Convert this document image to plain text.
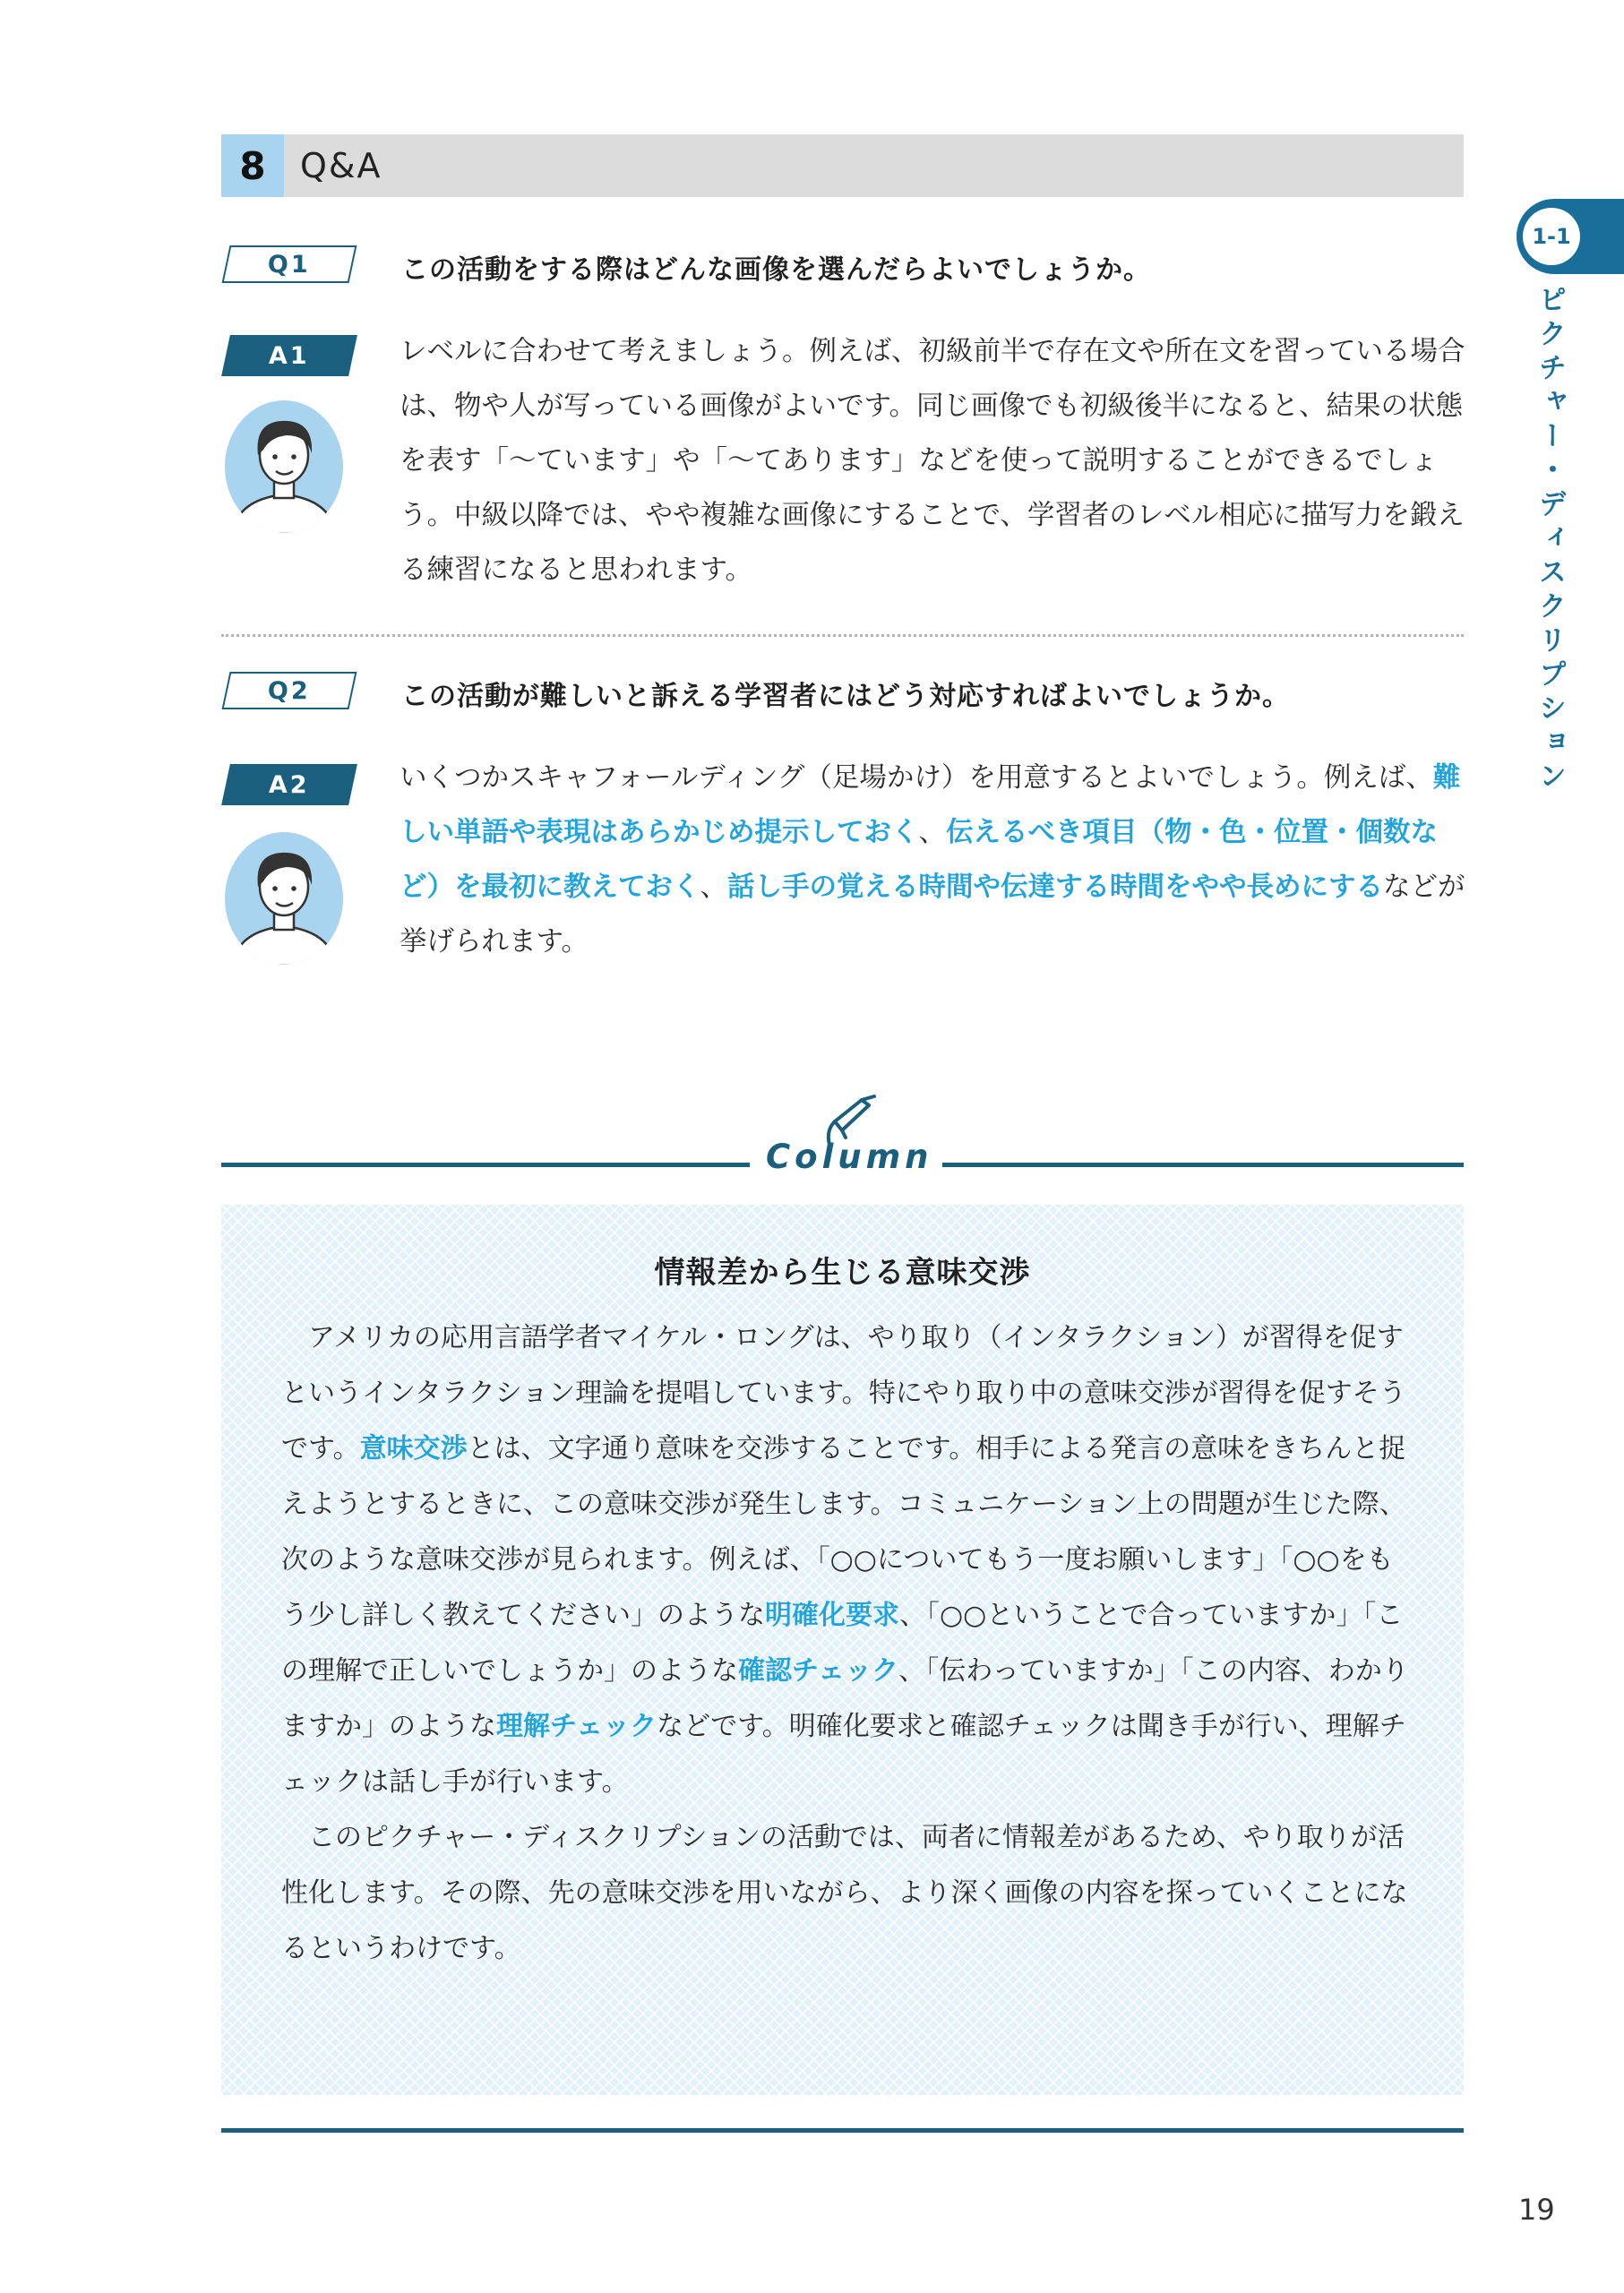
8	Q&A
1-1
ピクチャー・ディスクリプション
Q1	この活動をする際はどんな画像を選んだらよいでしょうか。
A1	レベルに合わせて考えましょう。例えば、初級前半で存在文や所在文を習っている場合は、物や人が写っている画像がよいです。同じ画像でも初級後半になると、結果の状態を表す「〜ています」や「〜てあります」などを使って説明することができるでしょう。中級以降では、やや複雑な画像にすることで、学習者のレベル相応に描写力を鍛える練習になると思われます。
Q2	この活動が難しいと訴える学習者にはどう対応すればよいでしょうか。
A2	いくつかスキャフォールディング（足場かけ）を用意するとよいでしょう。例えば、難しい単語や表現はあらかじめ提示しておく、伝えるべき項目（物・色・位置・個数など）を最初に教えておく、話し手の覚える時間や伝達する時間をやや長めにするなどが挙げられます。
Column
情報差から生じる意味交渉

アメリカの応用言語学者マイケル・ロングは、やり取り（インタラクション）が習得を促すというインタラクション理論を提唱しています。特にやり取り中の意味交渉が習得を促すそうです。意味交渉とは、文字通り意味を交渉することです。相手による発言の意味をきちんと捉えようとするときに、この意味交渉が発生します。コミュニケーション上の問題が生じた際、次のような意味交渉が見られます。例えば、「○○についてもう一度お願いします」「○○をもう少し詳しく教えてください」のような明確化要求、「○○ということで合っていますか」「この理解で正しいでしょうか」のような確認チェック、「伝わっていますか」「この内容、わかりますか」のような理解チェックなどです。明確化要求と確認チェックは聞き手が行い、理解チェックは話し手が行います。

このピクチャー・ディスクリプションの活動では、両者に情報差があるため、やり取りが活性化します。その際、先の意味交渉を用いながら、より深く画像の内容を探っていくことになるというわけです。

19
